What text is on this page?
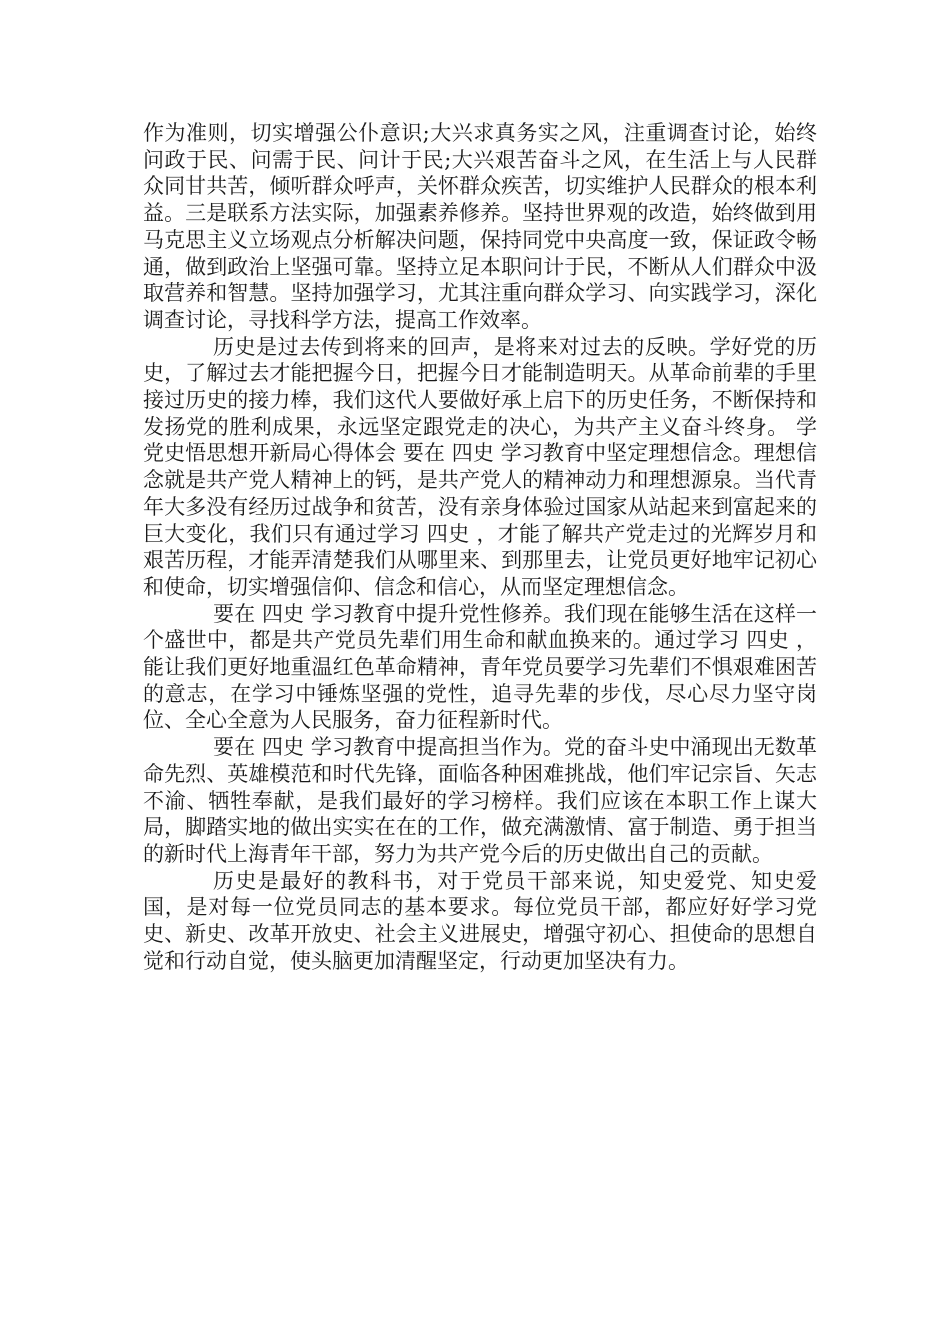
作为准则，切实增强公仆意识;大兴求真务实之风，注重调查讨论，始终问政于民、问需于民、问计于民;大兴艰苦奋斗之风，在生活上与人民群众同甘共苦，倾听群众呼声，关怀群众疾苦，切实维护人民群众的根本利益。三是联系方法实际，加强素养修养。坚持世界观的改造，始终做到用马克思主义立场观点分析解决问题，保持同党中央高度一致，保证政令畅通，做到政治上坚强可靠。坚持立足本职问计于民，不断从人们群众中汲取营养和智慧。坚持加强学习，尤其注重向群众学习、向实践学习，深化调查讨论，寻找科学方法，提高工作效率。

历史是过去传到将来的回声，是将来对过去的反映。学好党的历史，了解过去才能把握今日，把握今日才能制造明天。从革命前辈的手里接过历史的接力棒，我们这代人要做好承上启下的历史任务，不断保持和发扬党的胜利成果，永远坚定跟党走的决心，为共产主义奋斗终身。 学党史悟思想开新局心得体会 要在 四史 学习教育中坚定理想信念。理想信念就是共产党人精神上的钙，是共产党人的精神动力和理想源泉。当代青年大多没有经历过战争和贫苦，没有亲身体验过国家从站起来到富起来的巨大变化，我们只有通过学习 四史 ，才能了解共产党走过的光辉岁月和艰苦历程，才能弄清楚我们从哪里来、到那里去，让党员更好地牢记初心和使命，切实增强信仰、信念和信心，从而坚定理想信念。

要在 四史 学习教育中提升党性修养。我们现在能够生活在这样一个盛世中，都是共产党员先辈们用生命和献血换来的。通过学习 四史 ，能让我们更好地重温红色革命精神，青年党员要学习先辈们不惧艰难困苦的意志，在学习中锤炼坚强的党性，追寻先辈的步伐，尽心尽力坚守岗位、全心全意为人民服务，奋力征程新时代。

要在 四史 学习教育中提高担当作为。党的奋斗史中涌现出无数革命先烈、英雄模范和时代先锋，面临各种困难挑战，他们牢记宗旨、矢志不渝、牺牲奉献，是我们最好的学习榜样。我们应该在本职工作上谋大局，脚踏实地的做出实实在在的工作，做充满激情、富于制造、勇于担当的新时代上海青年干部，努力为共产党今后的历史做出自己的贡献。

历史是最好的教科书，对于党员干部来说，知史爱党、知史爱国，是对每一位党员同志的基本要求。每位党员干部，都应好好学习党史、新史、改革开放史、社会主义进展史，增强守初心、担使命的思想自觉和行动自觉，使头脑更加清醒坚定，行动更加坚决有力。
